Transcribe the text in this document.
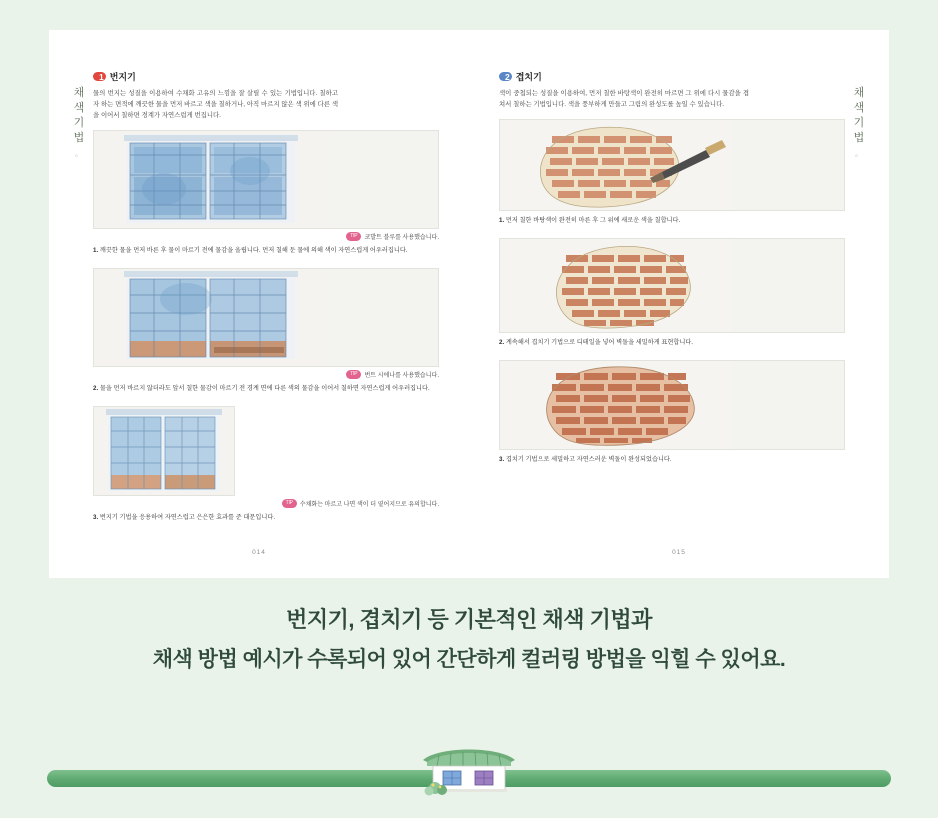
채
색
기
법
。
1 번지기

물의 번지는 성질을 이용하여 수채화 고유의 느낌을 잘 살릴 수 있는 기법입니다. 칠하고자 하는 면적에 깨끗한 물을 먼저 바르고 색을 칠하거나, 아직 마르지 않은 색 위에 다른 색을 이어서 칠하면 경계가 자연스럽게 번집니다.

TIP	코발트 블루를 사용했습니다.

1. 깨끗한 물을 먼저 바른 후 물이 마르기 전에 물감을 올립니다. 먼저 칠해 둔 물에 의해 색이 자연스럽게 어우러집니다.

TIP	번트 시에나를 사용했습니다.

2. 물을 먼저 바르지 않더라도 앞서 칠한 물감이 마르기 전 경계 면에 다른 색의 물감을 이어서 칠하면 자연스럽게 어우러집니다.

TIP	수채화는 마르고 나면 색이 더 옅어지므로 유의합니다.

3. 번지기 기법을 응용하여 자연스럽고 은은한 효과를 준 대문입니다.

014
채
색
기
법
。
2 겹치기

색이 중첩되는 성질을 이용하여, 먼저 칠한 바탕색이 완전히 마르면 그 위에 다시 물감을 겹쳐서 칠하는 기법입니다. 색을 풍부하게 만들고 그림의 완성도를 높일 수 있습니다.

1. 먼저 칠한 바탕색이 완전히 마른 후 그 위에 새로운 색을 칠합니다.

2. 계속해서 겹치기 기법으로 디테일을 넣어 벽돌을 세밀하게 표현합니다.

3. 겹치기 기법으로 세밀하고 자연스러운 벽돌이 완성되었습니다.

015
번지기, 겹치기 등 기본적인 채색 기법과
채색 방법 예시가 수록되어 있어 간단하게 컬러링 방법을 익힐 수 있어요.
